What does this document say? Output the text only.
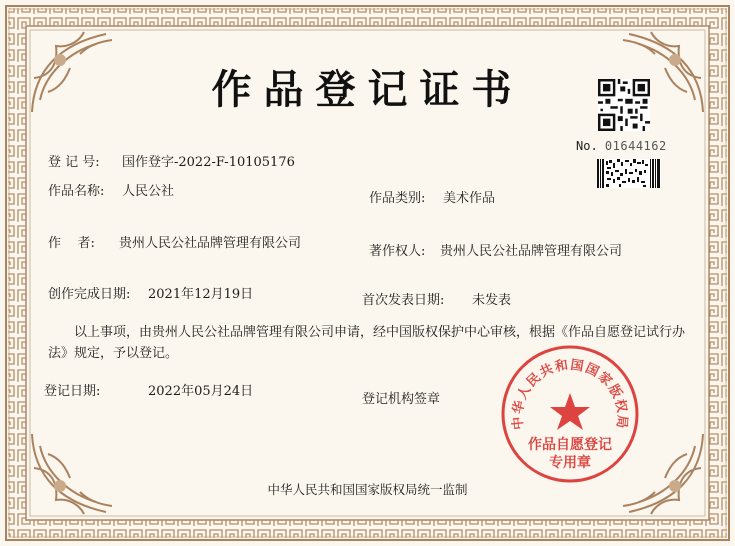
作品登记证书
No. 01644162
登 记 号: 国作登字-2022-F-10105176
作品名称: 人民公社	作品类别: 美术作品
作    者: 贵州人民公社品牌管理有限公司
著作权人: 贵州人民公社品牌管理有限公司
创作完成日期: 2021年12月19日	首次发表日期: 未发表
以上事项，由贵州人民公社品牌管理有限公司申请，经中国版权保护中心审核，根据《作品自愿登记试行办法》规定，予以登记。
登记日期:	2022年05月24日
登记机构签章
中华人民共和国国家版权局
作品自愿登记
专用章
中华人民共和国国家版权局统一监制
